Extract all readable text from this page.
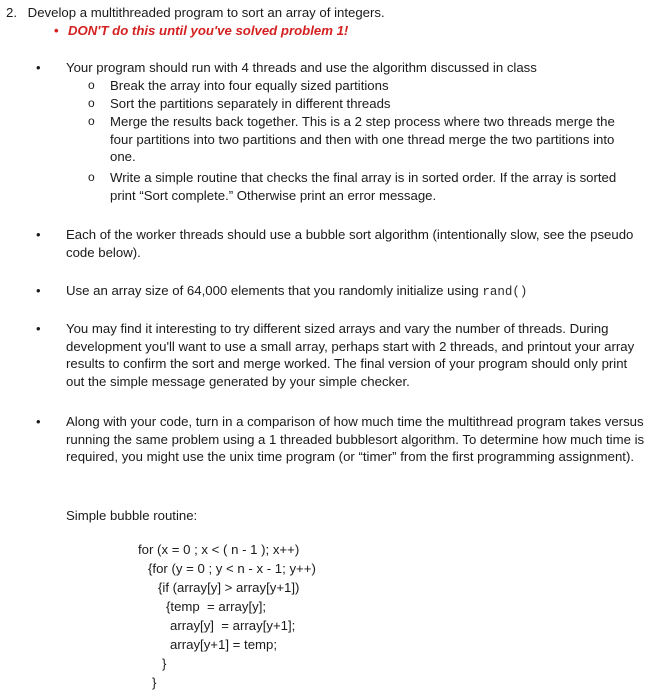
2. Develop a multithreaded program to sort an array of integers.
• DON'T do this until you've solved problem 1!
• Your program should run with 4 threads and use the algorithm discussed in class
o Break the array into four equally sized partitions
o Sort the partitions separately in different threads
o Merge the results back together. This is a 2 step process where two threads merge the four partitions into two partitions and then with one thread merge the two partitions into one.
o Write a simple routine that checks the final array is in sorted order. If the array is sorted print “Sort complete.” Otherwise print an error message.
• Each of the worker threads should use a bubble sort algorithm (intentionally slow, see the pseudo code below).
• Use an array size of 64,000 elements that you randomly initialize using rand()
• You may find it interesting to try different sized arrays and vary the number of threads. During development you'll want to use a small array, perhaps start with 2 threads, and printout your array results to confirm the sort and merge worked. The final version of your program should only print out the simple message generated by your simple checker.
• Along with your code, turn in a comparison of how much time the multithread program takes versus running the same problem using a 1 threaded bubblesort algorithm. To determine how much time is required, you might use the unix time program (or “timer” from the first programming assignment).
Simple bubble routine:
for (x = 0 ; x < ( n - 1 ); x++)
{for (y = 0 ; y < n - x - 1; y++)
{if (array[y] > array[y+1])
{temp  = array[y];
array[y]  = array[y+1];
array[y+1] = temp;
}
}
